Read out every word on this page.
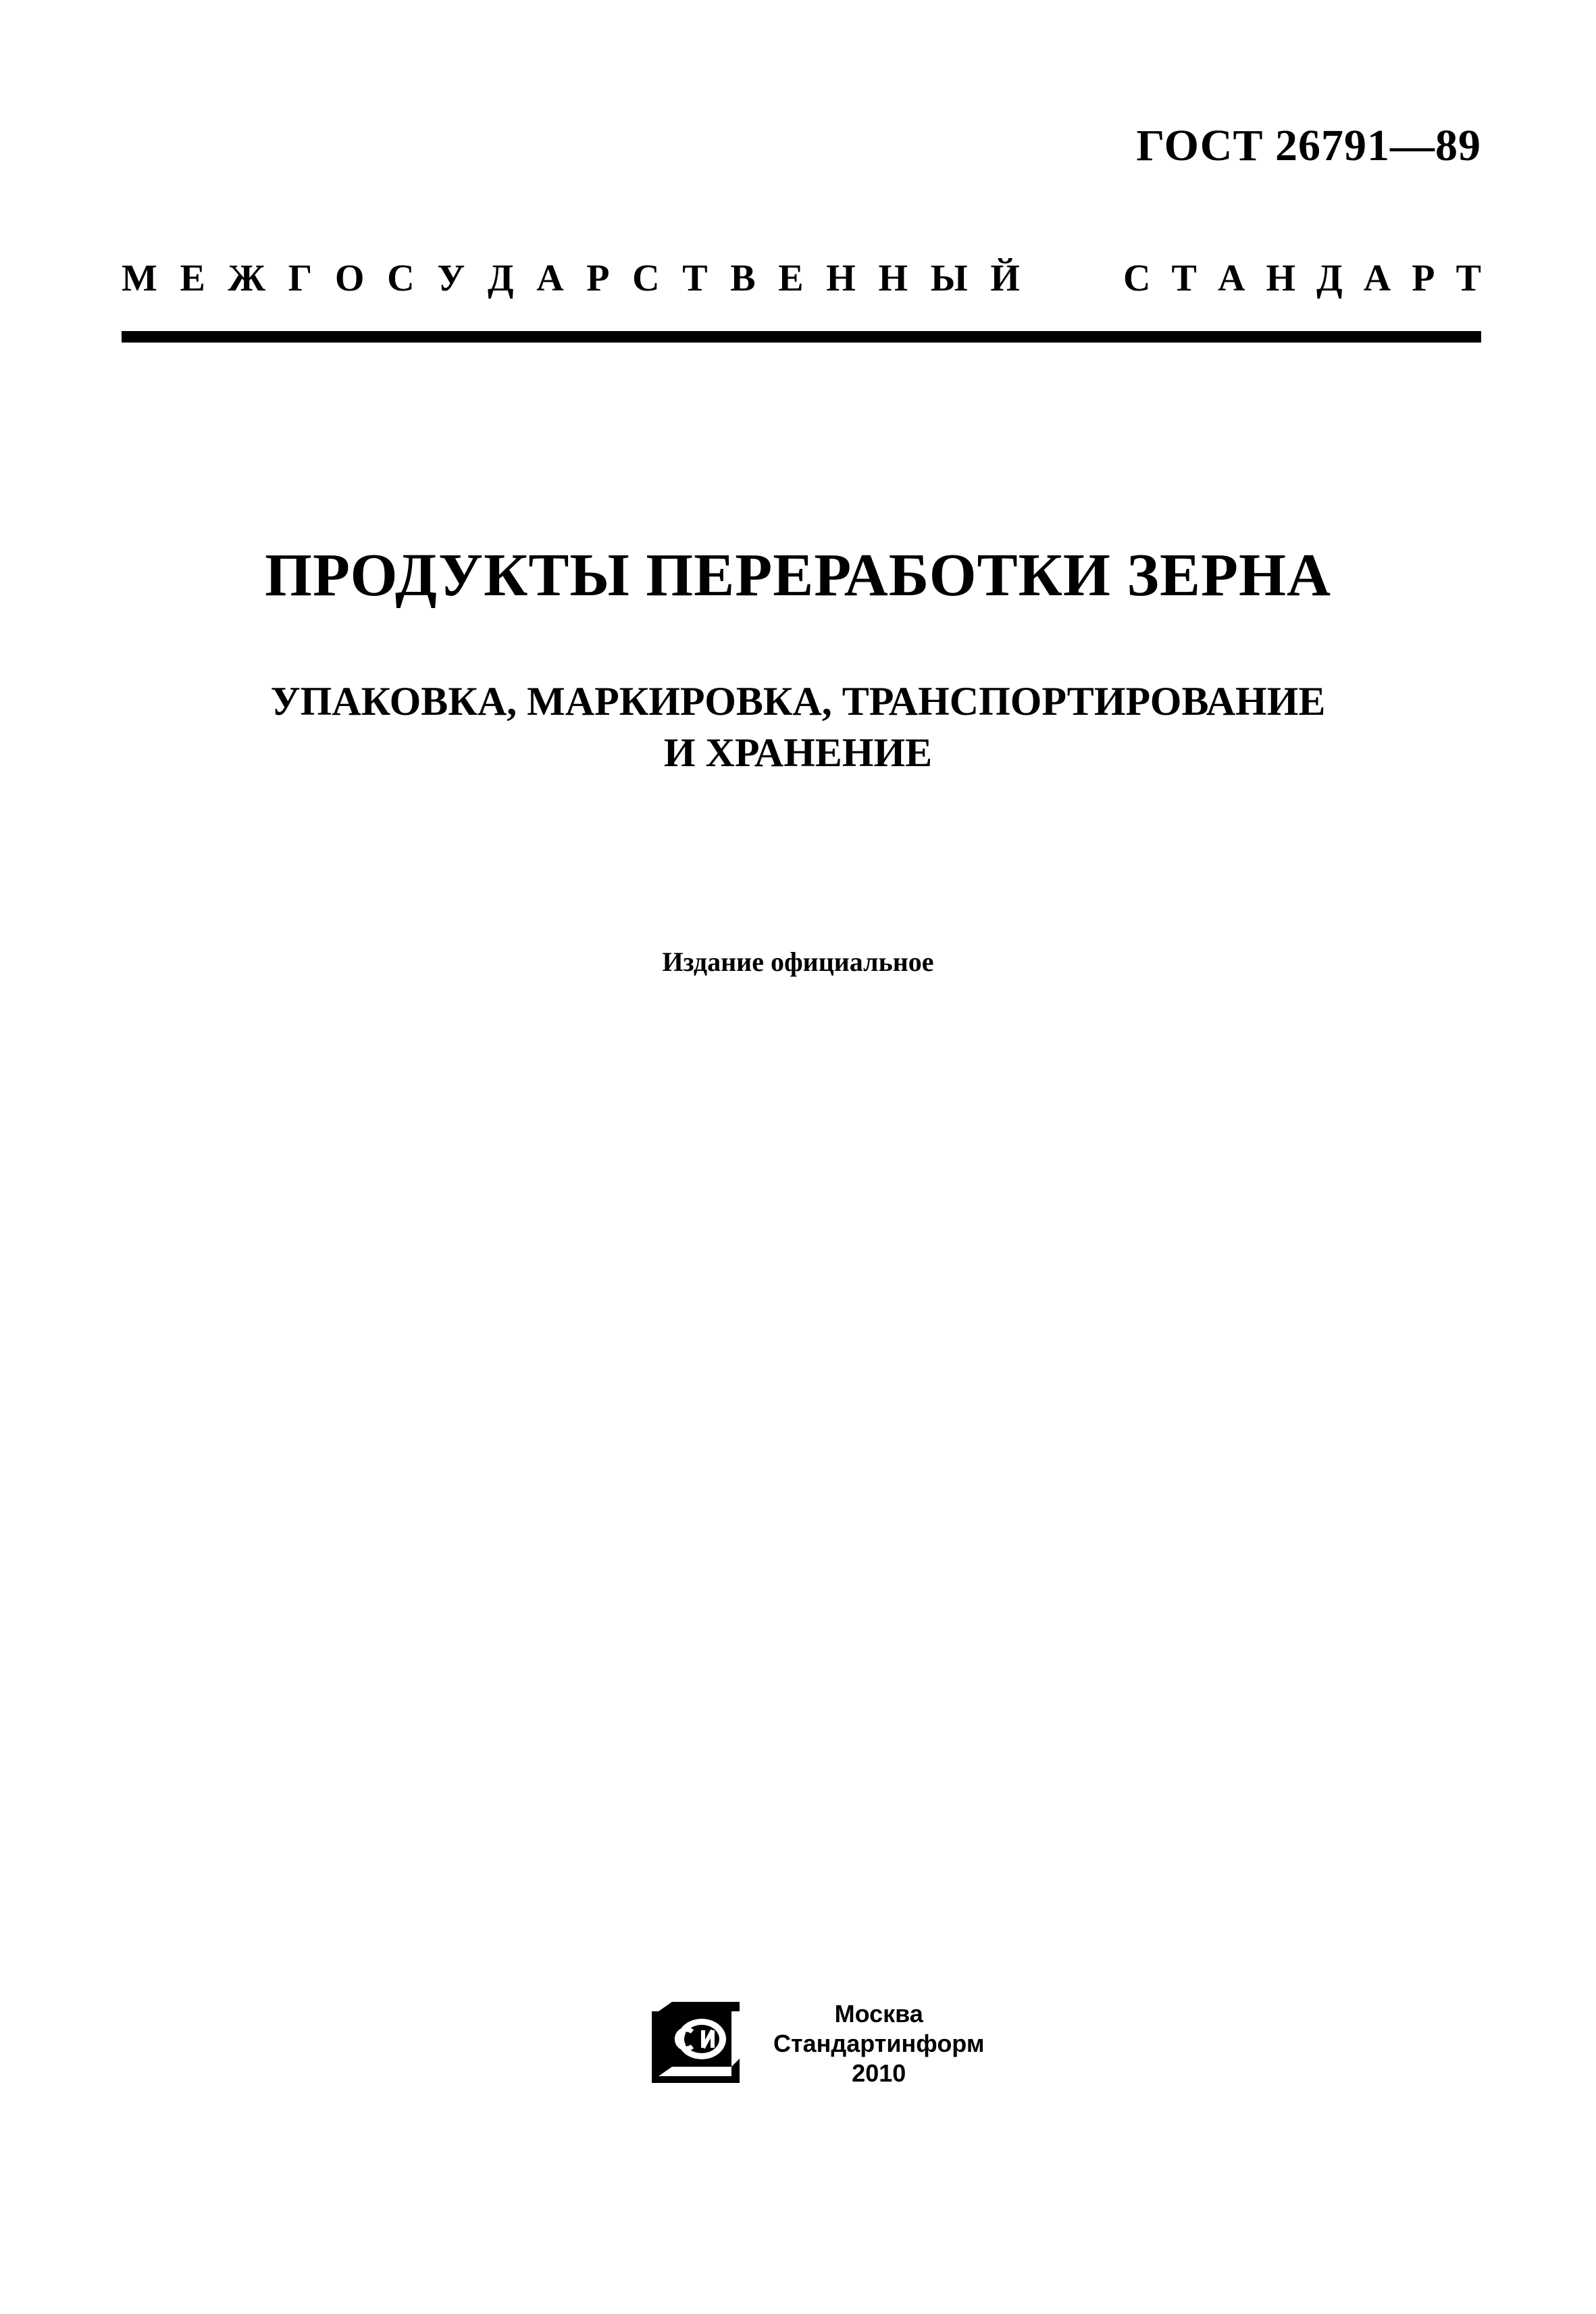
ГОСТ 26791—89
М Е Ж Г О С У Д А Р С Т В Е Н Н Ы Й	С Т А Н Д А Р Т
ПРОДУКТЫ ПЕРЕРАБОТКИ ЗЕРНА
УПАКОВКА, МАРКИРОВКА, ТРАНСПОРТИРОВАНИЕ
И ХРАНЕНИЕ
Издание официальное
Москва
Стандартинформ
2010
